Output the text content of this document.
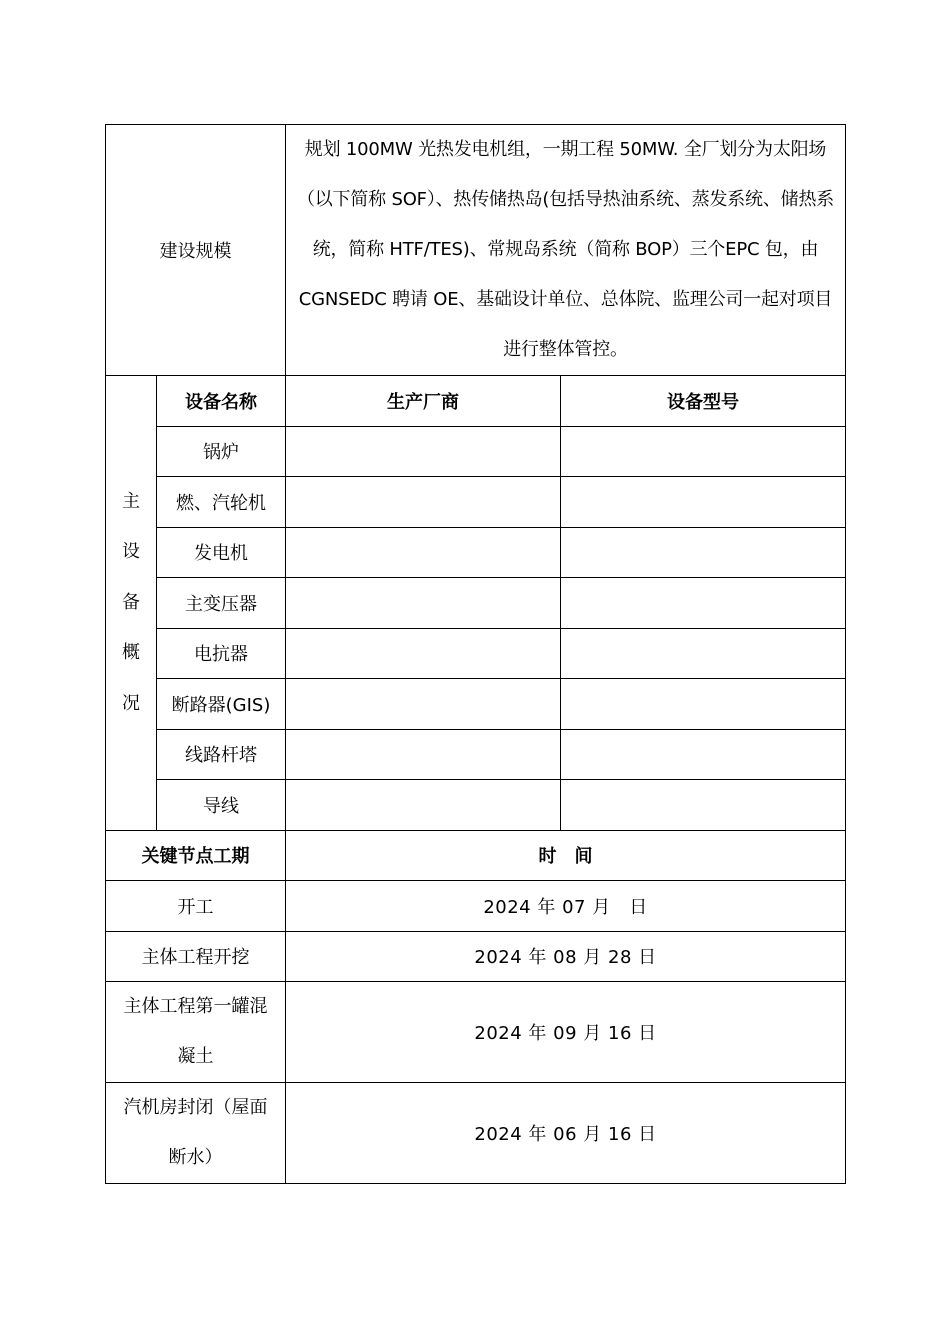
建设规模		规划 100MW 光热发电机组，一期工程 50MW. 全厂划分为太阳场（以下简称 SOF）、热传储热岛(包括导热油系统、蒸发系统、储热系统，简称 HTF/TES)、常规岛系统（简称 BOP）三个EPC 包，由 CGNSEDC 聘请 OE、基础设计单位、总体院、监理公司一起对项目进行整体管控。	

主
设
备
概
况	设备名称	生产厂商	设备型号
	锅炉		
	燃、汽轮机		
	发电机		
	主变压器		
	电抗器		
	断路器(GIS)		
	线路杆塔		
	导线		
关键节点工期		时　间	
开工		2024 年 07 月　日	
主体工程开挖		2024 年 08 月 28 日	
主体工程第一罐混凝土		2024 年 09 月 16 日	
汽机房封闭（屋面断水）		2024 年 06 月 16 日	
